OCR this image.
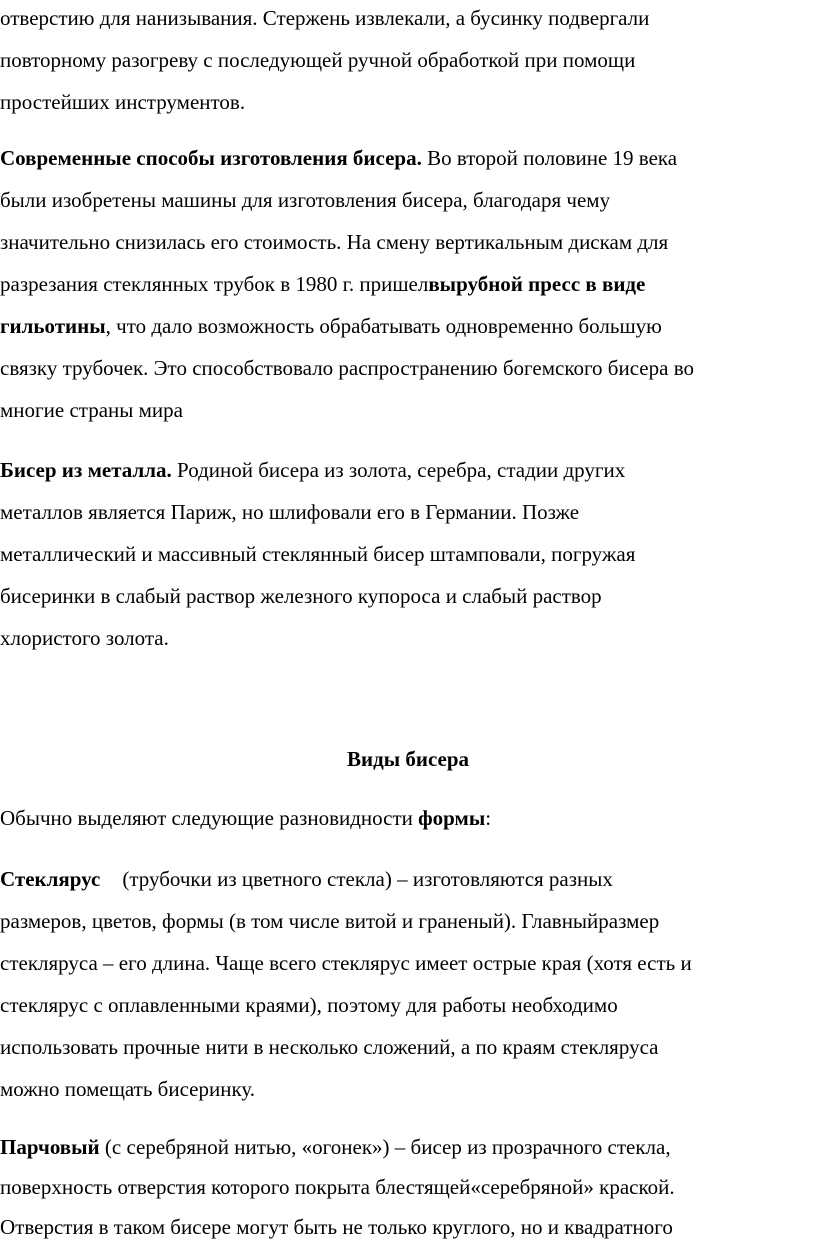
отверстию для нанизывания. Стержень извлекали, а бусинку подвергали
повторному разогреву с последующей ручной обработкой при помощи
простейших инструментов.
Современные способы изготовления бисера. Во второй половине 19 века
были изобретены машины для изготовления бисера, благодаря чему
значительно снизилась его стоимость. На смену вертикальным дискам для
разрезания стеклянных трубок в 1980 г. пришелвырубной пресс в виде
гильотины, что дало возможность обрабатывать одновременно большую
связку трубочек. Это способствовало распространению богемского бисера во
многие страны мира
Бисер из металла. Родиной бисера из золота, серебра, стадии других
металлов является Париж, но шлифовали его в Германии. Позже
металлический и массивный стеклянный бисер штамповали, погружая
бисеринки в слабый раствор железного купороса и слабый раствор
хлористого золота.
Виды бисера
Обычно выделяют следующие разновидности формы:
Стеклярус (трубочки из цветного стекла) – изготовляются разных
размеров, цветов, формы (в том числе витой и граненый). Главныйразмер
стекляруса – его длина. Чаще всего стеклярус имеет острые края (хотя есть и
стеклярус с оплавленными краями), поэтому для работы необходимо
использовать прочные нити в несколько сложений, а по краям стекляруса
можно помещать бисеринку.
Парчовый (с серебряной нитью, «огонек») – бисер из прозрачного стекла,
поверхность отверстия которого покрыта блестящей«серебряной» краской.
Отверстия в таком бисере могут быть не только круглого, но и квадратного
